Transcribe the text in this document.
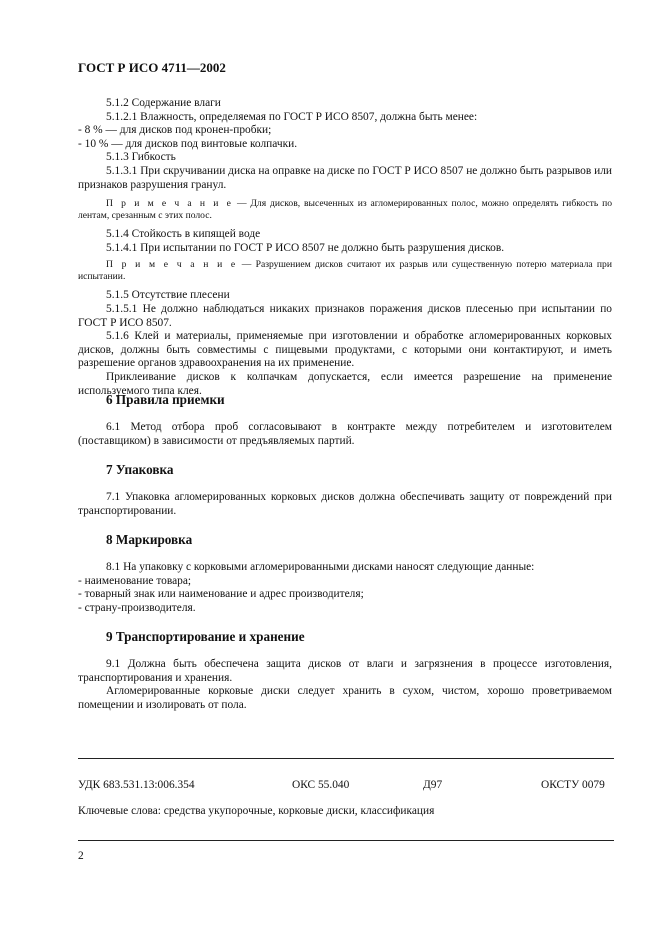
ГОСТ Р ИСО 4711—2002

5.1.2 Содержание влаги

5.1.2.1 Влажность, определяемая по ГОСТ Р ИСО 8507, должна быть менее:

- 8 % — для дисков под кронен-пробки;

- 10 % — для дисков под винтовые колпачки.

5.1.3 Гибкость

5.1.3.1 При скручивании диска на оправке на диске по ГОСТ Р ИСО 8507 не должно быть разрывов или признаков разрушения гранул.

П р и м е ч а н и е — Для дисков, высеченных из агломерированных полос, можно определять гибкость по лентам, срезанным с этих полос.

5.1.4 Стойкость в кипящей воде

5.1.4.1 При испытании по ГОСТ Р ИСО 8507 не должно быть разрушения дисков.

П р и м е ч а н и е — Разрушением дисков считают их разрыв или существенную потерю материала при испытании.

5.1.5 Отсутствие плесени

5.1.5.1 Не должно наблюдаться никаких признаков поражения дисков плесенью при испытании по ГОСТ Р ИСО 8507.

5.1.6 Клей и материалы, применяемые при изготовлении и обработке агломерированных корковых дисков, должны быть совместимы с пищевыми продуктами, с которыми они контактируют, и иметь разрешение органов здравоохранения на их применение.

Приклеивание дисков к колпачкам допускается, если имеется разрешение на применение используемого типа клея.

6 Правила приемки

6.1 Метод отбора проб согласовывают в контракте между потребителем и изготовителем (поставщиком) в зависимости от предъявляемых партий.

7 Упаковка

7.1 Упаковка агломерированных корковых дисков должна обеспечивать защиту от повреждений при транспортировании.

8 Маркировка

8.1 На упаковку с корковыми агломерированными дисками наносят следующие данные:

- наименование товара;

- товарный знак или наименование и адрес производителя;

- страну-производителя.

9 Транспортирование и хранение

9.1 Должна быть обеспечена защита дисков от влаги и загрязнения в процессе изготовления, транспортирования и хранения.

Агломерированные корковые диски следует хранить в сухом, чистом, хорошо проветриваемом помещении и изолировать от пола.

УДК 683.531.13:006.354	ОКС 55.040	Д97	ОКСТУ 0079
Ключевые слова: средства укупорочные, корковые диски, классификация
2
